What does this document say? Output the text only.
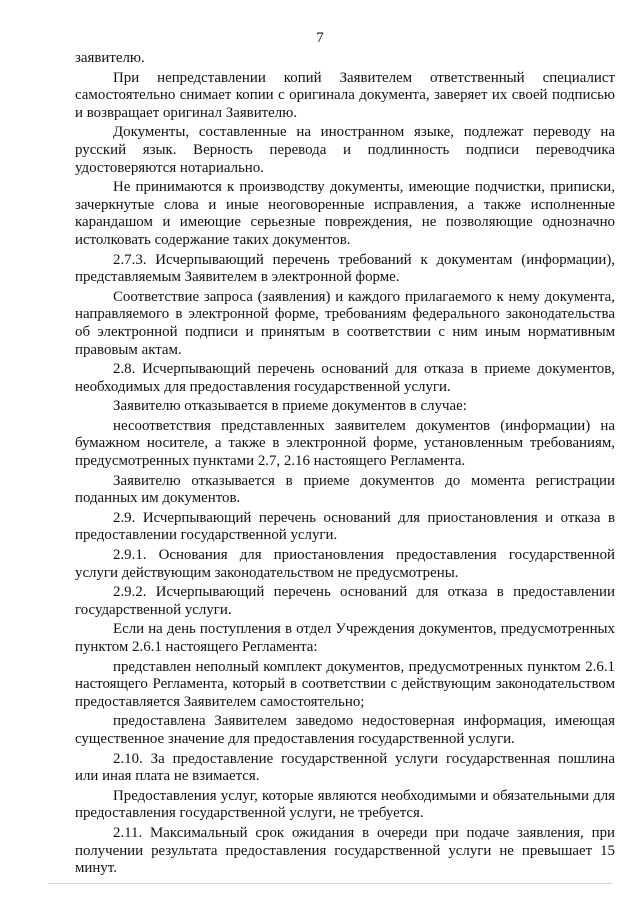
7

заявителю.

При непредставлении копий Заявителем ответственный специалист самостоятельно снимает копии с оригинала документа, заверяет их своей подписью и возвращает оригинал Заявителю.

Документы, составленные на иностранном языке, подлежат переводу на русский язык. Верность перевода и подлинность подписи переводчика удостоверяются нотариально.

Не принимаются к производству документы, имеющие подчистки, приписки, зачеркнутые слова и иные неоговоренные исправления, а также исполненные карандашом и имеющие серьезные повреждения, не позволяющие однозначно истолковать содержание таких документов.

2.7.3. Исчерпывающий перечень требований к документам (информации), представляемым Заявителем в электронной форме.

Соответствие запроса (заявления) и каждого прилагаемого к нему документа, направляемого в электронной форме, требованиям федерального законодательства об электронной подписи и принятым в соответствии с ним иным нормативным правовым актам.

2.8. Исчерпывающий перечень оснований для отказа в приеме документов, необходимых для предоставления государственной услуги.

Заявителю отказывается в приеме документов в случае:

несоответствия представленных заявителем документов (информации) на бумажном носителе, а также в электронной форме, установленным требованиям, предусмотренных пунктами 2.7, 2.16 настоящего Регламента.

Заявителю отказывается в приеме документов до момента регистрации поданных им документов.

2.9. Исчерпывающий перечень оснований для приостановления и отказа в предоставлении государственной услуги.

2.9.1. Основания для приостановления предоставления государственной услуги действующим законодательством не предусмотрены.

2.9.2. Исчерпывающий перечень оснований для отказа в предоставлении государственной услуги.

Если на день поступления в отдел Учреждения документов, предусмотренных пунктом 2.6.1 настоящего Регламента:

представлен неполный комплект документов, предусмотренных пунктом 2.6.1 настоящего Регламента, который в соответствии с действующим законодательством предоставляется Заявителем самостоятельно;

предоставлена Заявителем заведомо недостоверная информация, имеющая существенное значение для предоставления государственной услуги.

2.10. За предоставление государственной услуги государственная пошлина или иная плата не взимается.

Предоставления услуг, которые являются необходимыми и обязательными для предоставления государственной услуги, не требуется.

2.11. Максимальный срок ожидания в очереди при подаче заявления, при получении результата предоставления государственной услуги не превышает 15 минут.
